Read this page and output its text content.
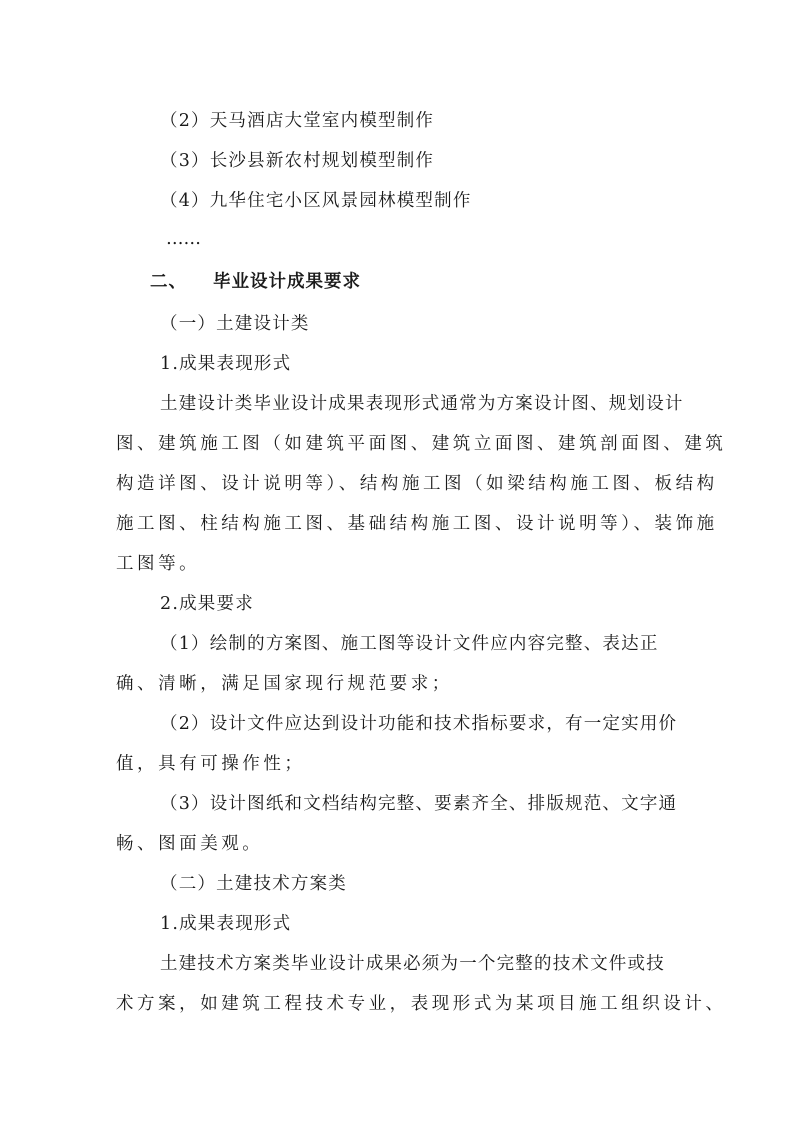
（2）天马酒店大堂室内模型制作
（3）长沙县新农村规划模型制作
（4）九华住宅小区风景园林模型制作
……
二、 毕业设计成果要求
（一）土建设计类
1.成果表现形式
土建设计类毕业设计成果表现形式通常为方案设计图、规划设计
图、建筑施工图（如建筑平面图、建筑立面图、建筑剖面图、建筑
构造详图、设计说明等）、结构施工图（如梁结构施工图、板结构
施工图、柱结构施工图、基础结构施工图、设计说明等）、装饰施
工图等。
2.成果要求
（1）绘制的方案图、施工图等设计文件应内容完整、表达正
确、清晰，满足国家现行规范要求；
（2）设计文件应达到设计功能和技术指标要求，有一定实用价
值，具有可操作性；
（3）设计图纸和文档结构完整、要素齐全、排版规范、文字通
畅、图面美观。
（二）土建技术方案类
1.成果表现形式
土建技术方案类毕业设计成果必须为一个完整的技术文件或技
术方案，如建筑工程技术专业，表现形式为某项目施工组织设计、
